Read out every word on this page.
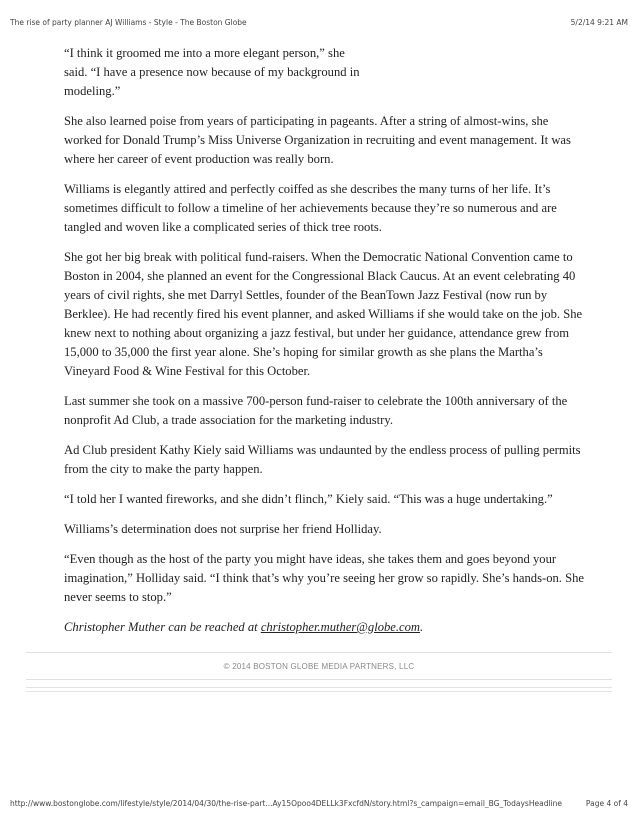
The rise of party planner AJ Williams - Style - The Boston Globe	5/2/14 9:21 AM

“I think it groomed me into a more elegant person,” she said. “I have a presence now because of my background in modeling.”

She also learned poise from years of participating in pageants. After a string of almost-wins, she worked for Donald Trump’s Miss Universe Organization in recruiting and event management. It was where her career of event production was really born.

Williams is elegantly attired and perfectly coiffed as she describes the many turns of her life. It’s sometimes difficult to follow a timeline of her achievements because they’re so numerous and are tangled and woven like a complicated series of thick tree roots.

She got her big break with political fund-raisers. When the Democratic National Convention came to Boston in 2004, she planned an event for the Congressional Black Caucus. At an event celebrating 40 years of civil rights, she met Darryl Settles, founder of the BeanTown Jazz Festival (now run by Berklee). He had recently fired his event planner, and asked Williams if she would take on the job. She knew next to nothing about organizing a jazz festival, but under her guidance, attendance grew from 15,000 to 35,000 the first year alone. She’s hoping for similar growth as she plans the Martha’s Vineyard Food & Wine Festival for this October.

Last summer she took on a massive 700-person fund-raiser to celebrate the 100th anniversary of the nonprofit Ad Club, a trade association for the marketing industry.

Ad Club president Kathy Kiely said Williams was undaunted by the endless process of pulling permits from the city to make the party happen.

“I told her I wanted fireworks, and she didn’t flinch,” Kiely said. “This was a huge undertaking.”

Williams’s determination does not surprise her friend Holliday.

“Even though as the host of the party you might have ideas, she takes them and goes beyond your imagination,” Holliday said. “I think that’s why you’re seeing her grow so rapidly. She’s hands-on. She never seems to stop.”

Christopher Muther can be reached at christopher.muther@globe.com.

© 2014 BOSTON GLOBE MEDIA PARTNERS, LLC
http://www.bostonglobe.com/lifestyle/style/2014/04/30/the-rise-part...Ay15Opoo4DELLk3FxcfdN/story.html?s_campaign=email_BG_TodaysHeadline	Page 4 of 4
